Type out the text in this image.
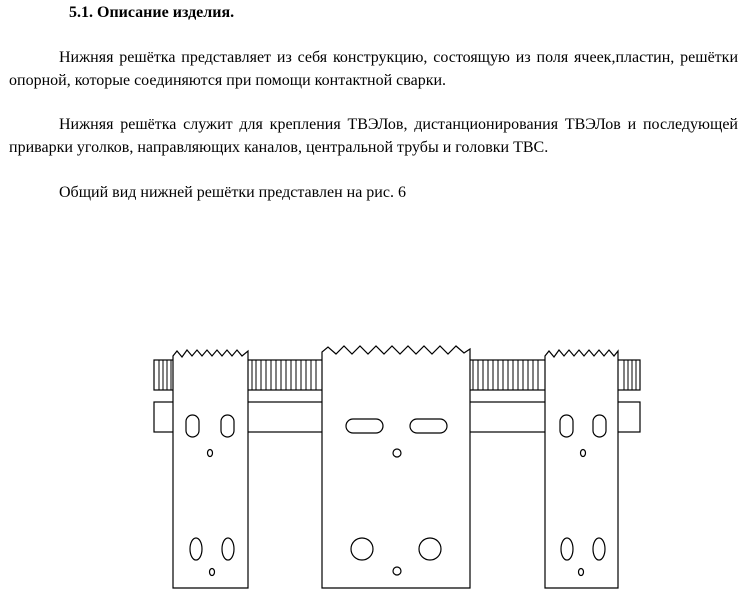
5.1. Описание изделия.

Нижняя решётка представляет из себя конструкцию, состоящую из поля ячеек,пластин, решётки опорной, которые соединяются при помощи контактной сварки.

Нижняя решётка служит для крепления ТВЭЛов, дистанционирования ТВЭЛов и последующей приварки уголков, направляющих каналов, центральной трубы и головки ТВС.

Общий вид нижней решётки представлен на рис. 6
